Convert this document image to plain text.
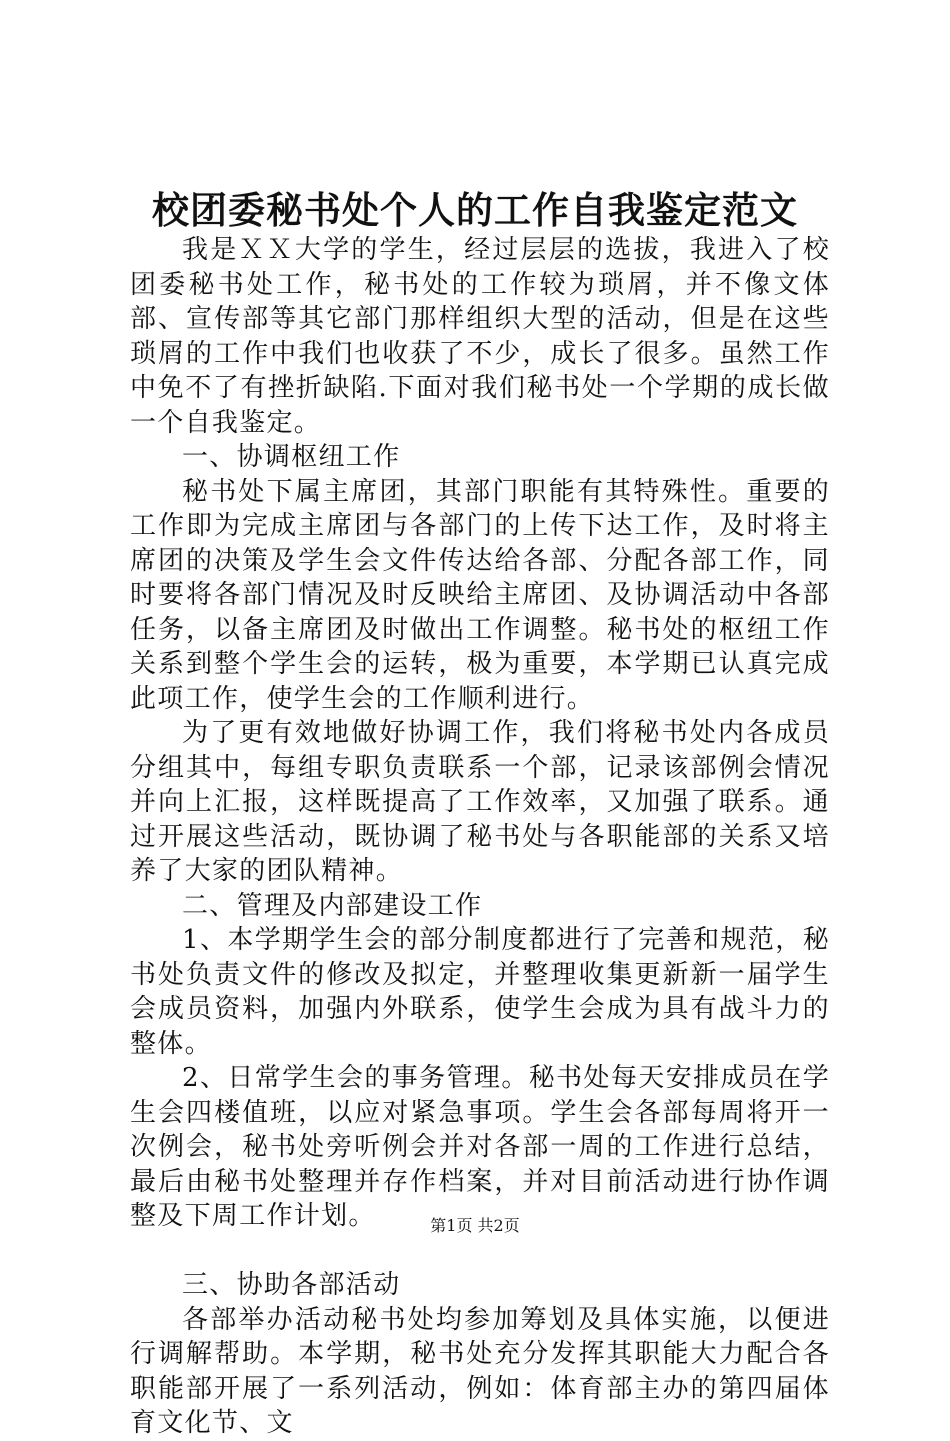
校团委秘书处个人的工作自我鉴定范文

我是ＸＸ大学的学生，经过层层的选拔，我进入了校团委秘书处工作，秘书处的工作较为琐屑，并不像文体部、宣传部等其它部门那样组织大型的活动，但是在这些琐屑的工作中我们也收获了不少，成长了很多。虽然工作中免不了有挫折缺陷.下面对我们秘书处一个学期的成长做一个自我鉴定。

一、协调枢纽工作

秘书处下属主席团，其部门职能有其特殊性。重要的工作即为完成主席团与各部门的上传下达工作，及时将主席团的决策及学生会文件传达给各部、分配各部工作，同时要将各部门情况及时反映给主席团、及协调活动中各部任务，以备主席团及时做出工作调整。秘书处的枢纽工作关系到整个学生会的运转，极为重要，本学期已认真完成此项工作，使学生会的工作顺利进行。

为了更有效地做好协调工作，我们将秘书处内各成员分组其中，每组专职负责联系一个部，记录该部例会情况并向上汇报，这样既提高了工作效率，又加强了联系。通过开展这些活动，既协调了秘书处与各职能部的关系又培养了大家的团队精神。

二、管理及内部建设工作

1、本学期学生会的部分制度都进行了完善和规范，秘书处负责文件的修改及拟定，并整理收集更新新一届学生会成员资料，加强内外联系，使学生会成为具有战斗力的整体。

2、日常学生会的事务管理。秘书处每天安排成员在学生会四楼值班，以应对紧急事项。学生会各部每周将开一次例会，秘书处旁听例会并对各部一周的工作进行总结，最后由秘书处整理并存作档案，并对目前活动进行协作调整及下周工作计划。

三、协助各部活动

各部举办活动秘书处均参加筹划及具体实施，以便进行调解帮助。本学期，秘书处充分发挥其职能大力配合各职能部开展了一系列活动，例如：体育部主办的第四届体育文化节、文

第1页 共2页
